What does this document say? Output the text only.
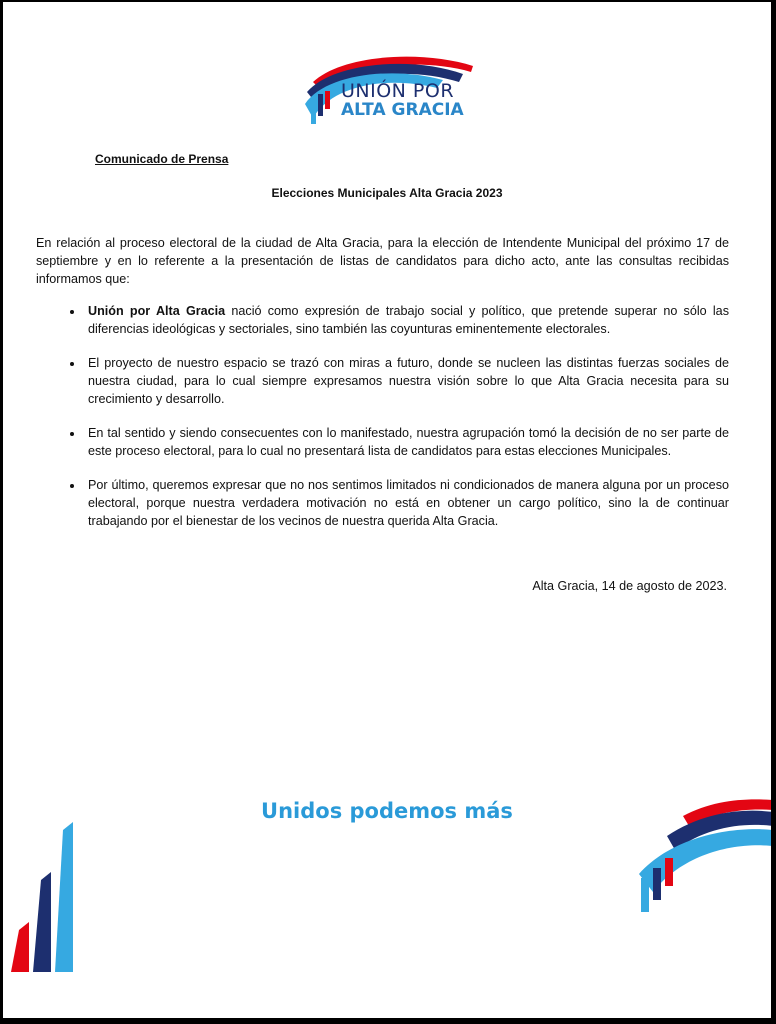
UNIÓN POR
ALTA GRACIA
Comunicado de Prensa
Elecciones Municipales Alta Gracia 2023

En relación al proceso electoral de la ciudad de Alta Gracia, para la elección de Intendente Municipal del próximo 17 de septiembre y en lo referente a la presentación de listas de candidatos para dicho acto, ante las consultas recibidas informamos que:

• Unión por Alta Gracia nació como expresión de trabajo social y político, que pretende superar no sólo las diferencias ideológicas y sectoriales, sino también las coyunturas eminentemente electorales.
• El proyecto de nuestro espacio se trazó con miras a futuro, donde se nucleen las distintas fuerzas sociales de nuestra ciudad, para lo cual siempre expresamos nuestra visión sobre lo que Alta Gracia necesita para su crecimiento y desarrollo.
• En tal sentido y siendo consecuentes con lo manifestado, nuestra agrupación tomó la decisión de no ser parte de este proceso electoral, para lo cual no presentará lista de candidatos para estas elecciones Municipales.
• Por último, queremos expresar que no nos sentimos limitados ni condicionados de manera alguna por un proceso electoral, porque nuestra verdadera motivación no está en obtener un cargo político, sino la de continuar trabajando por el bienestar de los vecinos de nuestra querida Alta Gracia.
Alta Gracia, 14 de agosto de 2023.
Unidos podemos más
